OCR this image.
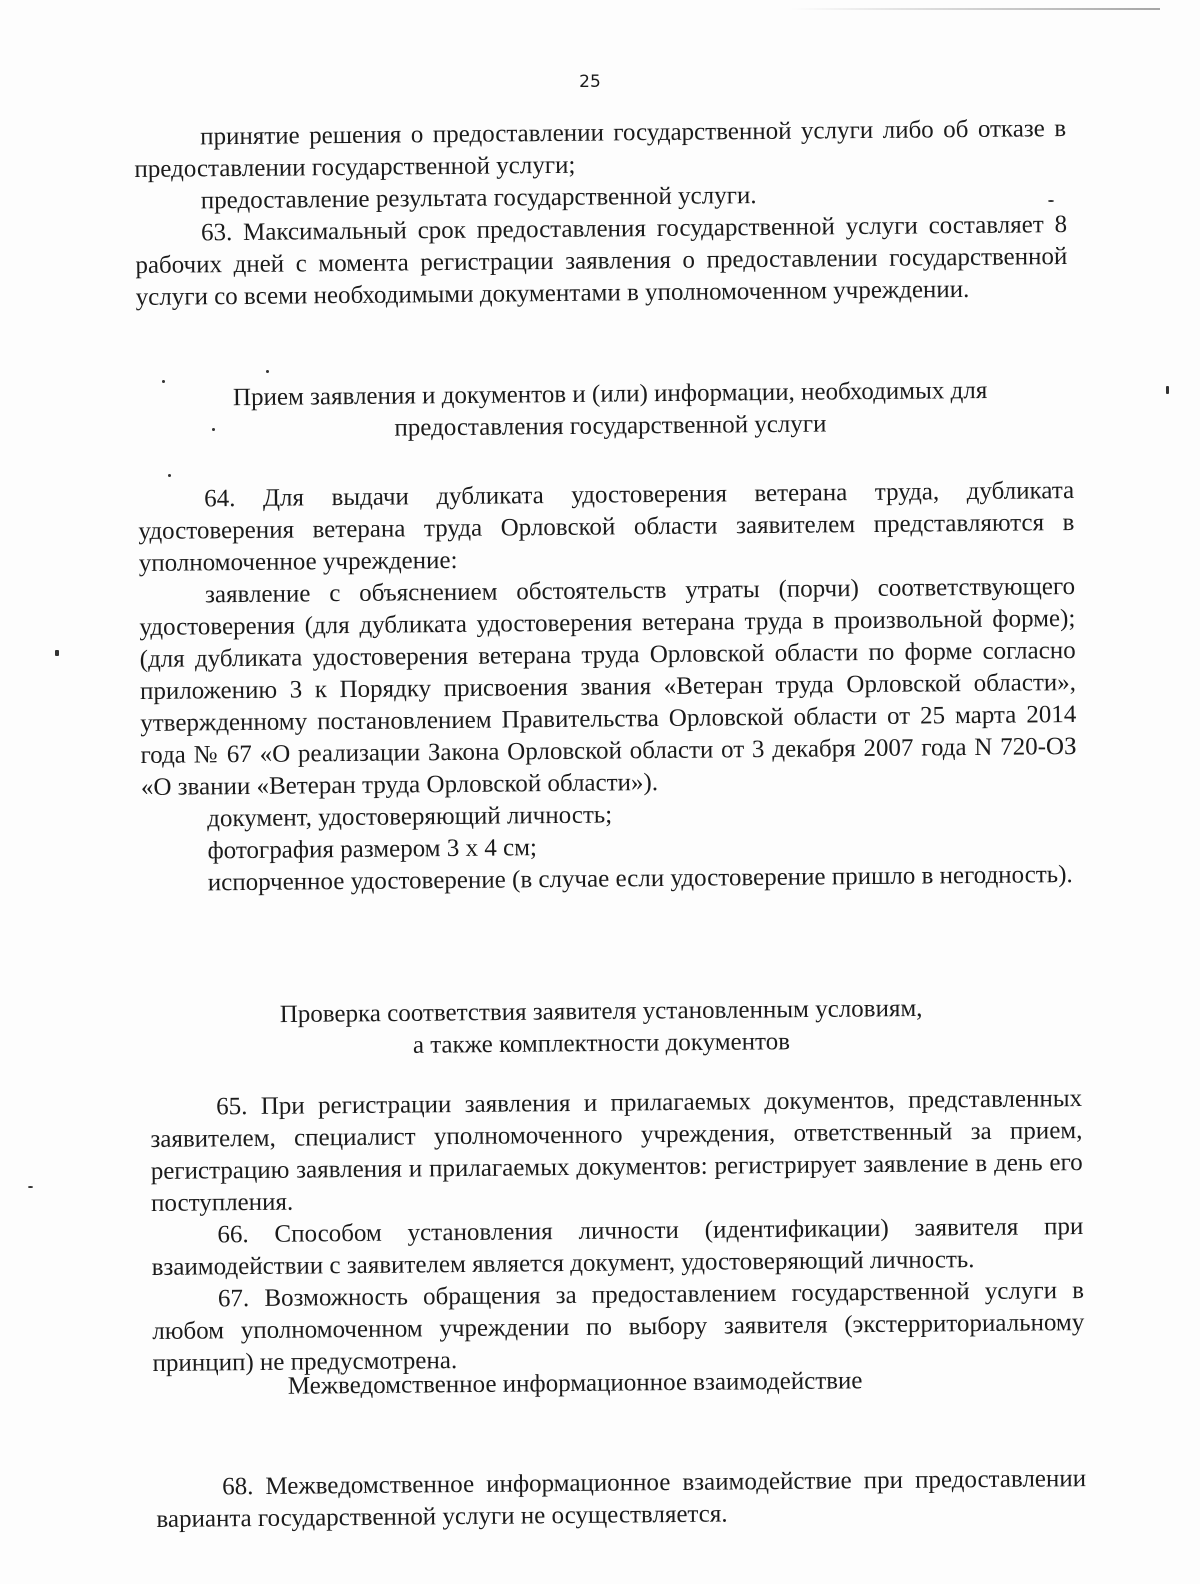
25

принятие решения о предоставлении государственной услуги либо об отказе в предоставлении государственной услуги;

предоставление результата государственной услуги.

63. Максимальный срок предоставления государственной услуги составляет 8 рабочих дней с момента регистрации заявления о предоставлении государственной услуги со всеми необходимыми документами в уполномоченном учреждении.

Прием заявления и документов и (или) информации, необходимых для

предоставления государственной услуги

64. Для выдачи дубликата удостоверения ветерана труда, дубликата удостоверения ветерана труда Орловской области заявителем представляются в уполномоченное учреждение:

заявление с объяснением обстоятельств утраты (порчи) соответствующего удостоверения (для дубликата удостоверения ветерана труда в произвольной форме); (для дубликата удостоверения ветерана труда Орловской области по форме согласно приложению 3 к Порядку присвоения звания «Ветеран труда Орловской области», утвержденному постановлением Правительства Орловской области от 25 марта 2014 года № 67 «О реализации Закона Орловской области от 3 декабря 2007 года N 720-ОЗ «О звании «Ветеран труда Орловской области»).

документ, удостоверяющий личность;

фотография размером 3 х 4 см;

испорченное удостоверение (в случае если удостоверение пришло в негодность).

Проверка соответствия заявителя установленным условиям,

а также комплектности документов

65. При регистрации заявления и прилагаемых документов, представленных заявителем, специалист уполномоченного учреждения, ответственный за прием, регистрацию заявления и прилагаемых документов: регистрирует заявление в день его поступления.

66. Способом установления личности (идентификации) заявителя при взаимодействии с заявителем является документ, удостоверяющий личность.

67. Возможность обращения за предоставлением государственной услуги в любом уполномоченном учреждении по выбору заявителя (экстерриториальному принцип) не предусмотрена.

Межведомственное информационное взаимодействие

68. Межведомственное информационное взаимодействие при предоставлении варианта государственной услуги не осуществляется.
